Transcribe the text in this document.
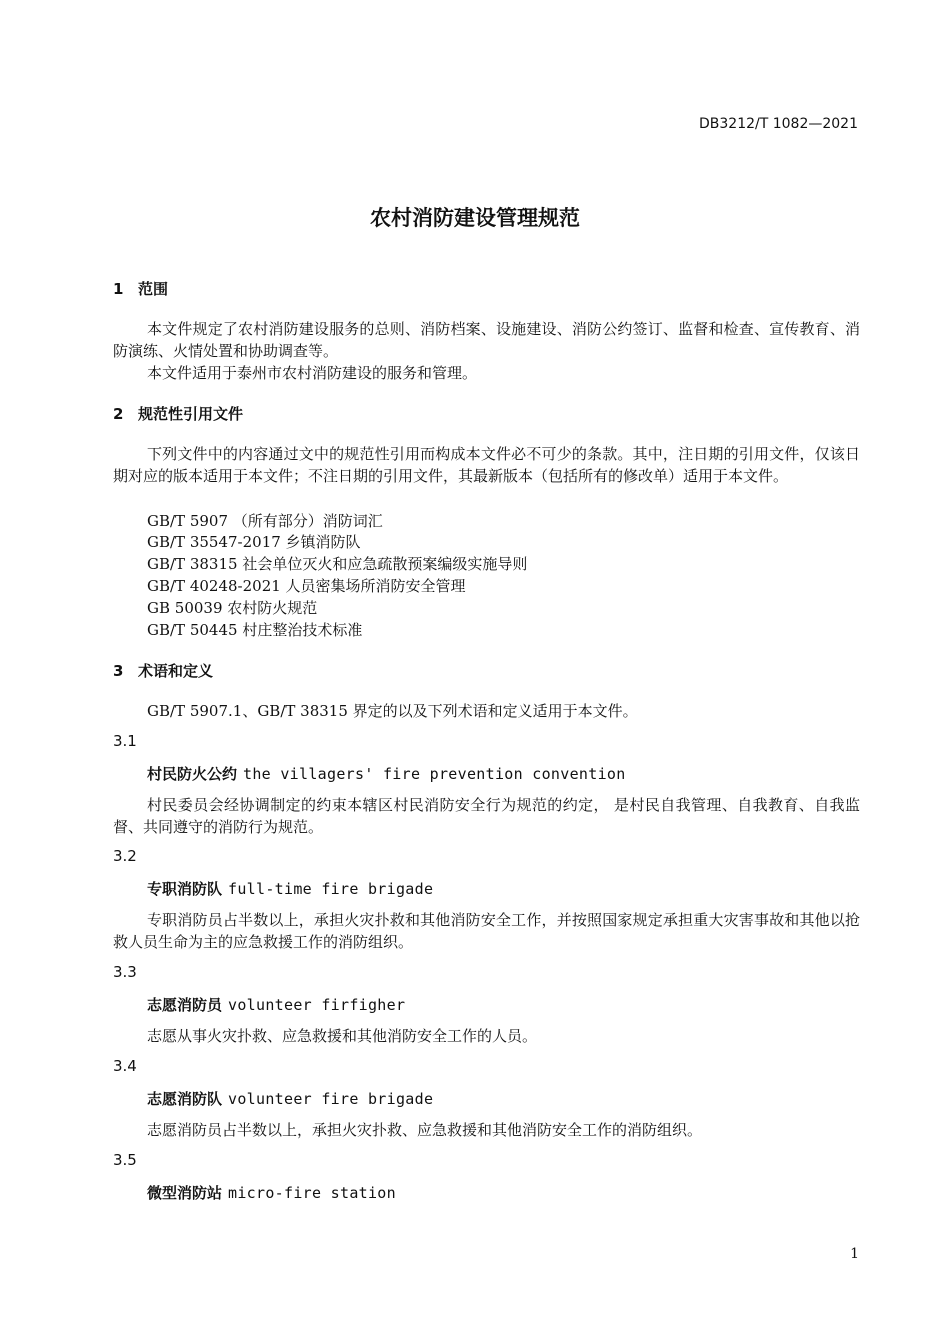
DB3212/T 1082—2021
农村消防建设管理规范
1 范围
本文件规定了农村消防建设服务的总则、消防档案、设施建设、消防公约签订、监督和检查、宣传教育、消防演练、火情处置和协助调查等。
本文件适用于泰州市农村消防建设的服务和管理。
2 规范性引用文件
下列文件中的内容通过文中的规范性引用而构成本文件必不可少的条款。其中，注日期的引用文件，仅该日期对应的版本适用于本文件；不注日期的引用文件，其最新版本（包括所有的修改单）适用于本文件。
GB/T 5907 （所有部分）消防词汇
GB/T 35547-2017 乡镇消防队
GB/T 38315 社会单位灭火和应急疏散预案编级实施导则
GB/T 40248-2021 人员密集场所消防安全管理
GB 50039 农村防火规范
GB/T 50445 村庄整治技术标准
3 术语和定义
GB/T 5907.1、GB/T 38315 界定的以及下列术语和定义适用于本文件。
3.1
村民防火公约 the villagers' fire prevention convention
村民委员会经协调制定的约束本辖区村民消防安全行为规范的约定， 是村民自我管理、自我教育、自我监督、共同遵守的消防行为规范。
3.2
专职消防队 full-time fire brigade
专职消防员占半数以上，承担火灾扑救和其他消防安全工作，并按照国家规定承担重大灾害事故和其他以抢救人员生命为主的应急救援工作的消防组织。
3.3
志愿消防员 volunteer firfigher
志愿从事火灾扑救、应急救援和其他消防安全工作的人员。
3.4
志愿消防队 volunteer fire brigade
志愿消防员占半数以上，承担火灾扑救、应急救援和其他消防安全工作的消防组织。
3.5
微型消防站 micro-fire station
1
